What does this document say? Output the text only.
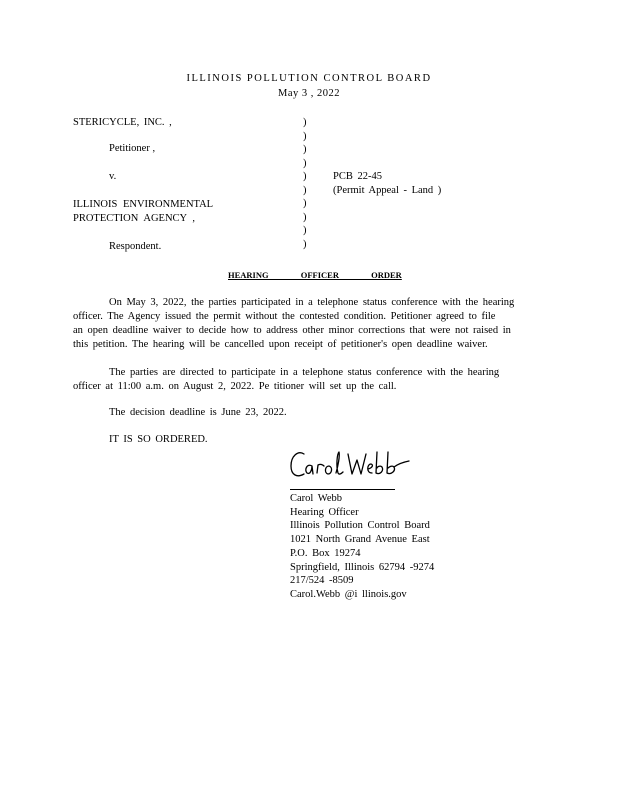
ILLINOIS POLLUTION CONTROL BOARD
May 3 , 2022
STERICYCLE, INC. ,
Petitioner ,
v.
ILLINOIS ENVIRONMENTAL
PROTECTION AGENCY ,
Respondent.
)
)
)
)
)
)
)
)
)
)
PCB 22-45
(Permit Appeal - Land )
HEARING OFFICER ORDER
On May 3, 2022, the parties participated in a telephone status conference with the hearing
officer. The Agency issued the permit without the contested condition. Petitioner agreed to file
an open deadline waiver to decide how to address other minor corrections that were not raised in
this petition. The hearing will be cancelled upon receipt of petitioner's open deadline waiver.
The parties are directed to participate in a telephone status conference with the hearing
officer at 11:00 a.m. on August 2, 2022. Pe titioner will set up the call.
The decision deadline is June 23, 2022.
IT IS SO ORDERED.
Carol Webb
Hearing Officer
Illinois Pollution Control Board
1021 North Grand Avenue East
P.O. Box 19274
Springfield, Illinois 62794 -9274
217/524 -8509
Carol.Webb @i llinois.gov
